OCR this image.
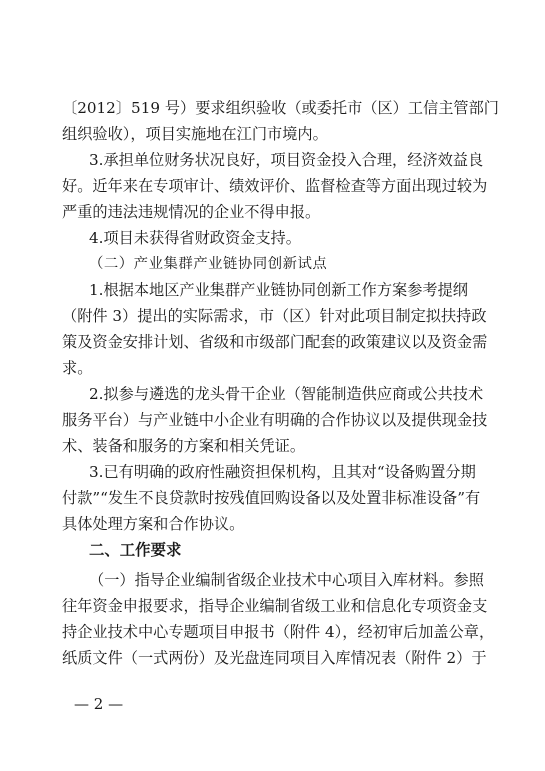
〔2012〕519 号）要求组织验收（或委托市（区）工信主管部门
组织验收），项目实施地在江门市境内。
3.承担单位财务状况良好，项目资金投入合理，经济效益良
好。近年来在专项审计、绩效评价、监督检查等方面出现过较为
严重的违法违规情况的企业不得申报。
4.项目未获得省财政资金支持。
（二）产业集群产业链协同创新试点
1.根据本地区产业集群产业链协同创新工作方案参考提纲
（附件 3）提出的实际需求，市（区）针对此项目制定拟扶持政
策及资金安排计划、省级和市级部门配套的政策建议以及资金需
求。
2.拟参与遴选的龙头骨干企业（智能制造供应商或公共技术
服务平台）与产业链中小企业有明确的合作协议以及提供现金技
术、装备和服务的方案和相关凭证。
3.已有明确的政府性融资担保机构，且其对“设备购置分期
付款”“发生不良贷款时按残值回购设备以及处置非标准设备”有
具体处理方案和合作协议。
二、工作要求
（一）指导企业编制省级企业技术中心项目入库材料。参照
往年资金申报要求，指导企业编制省级工业和信息化专项资金支
持企业技术中心专题项目申报书（附件 4），经初审后加盖公章，
纸质文件（一式两份）及光盘连同项目入库情况表（附件 2）于
— 2 —
